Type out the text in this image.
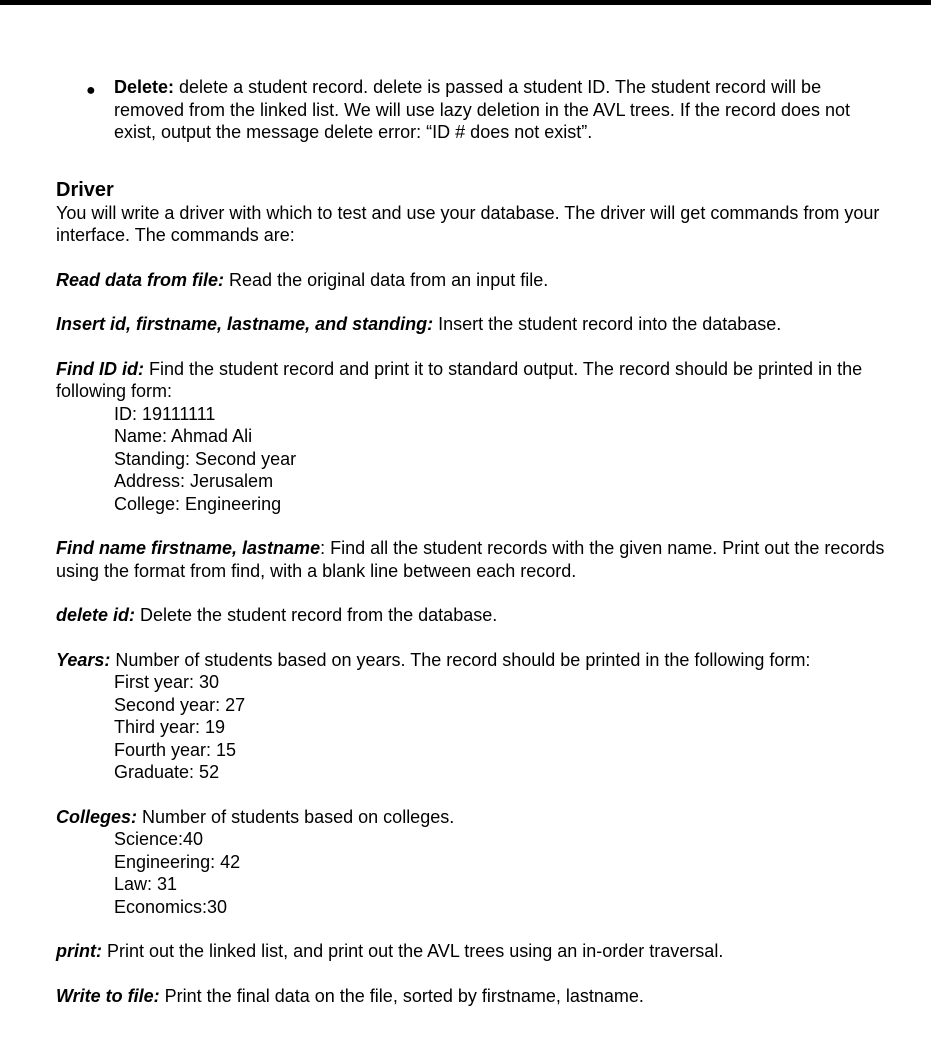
● Delete: delete a student record. delete is passed a student ID. The student record will be removed from the linked list. We will use lazy deletion in the AVL trees. If the record does not exist, output the message delete error: “ID # does not exist”.

Driver

You will write a driver with which to test and use your database. The driver will get commands from your interface. The commands are:

Read data from file: Read the original data from an input file.

Insert id, firstname, lastname, and standing: Insert the student record into the database.

Find ID id: Find the student record and print it to standard output. The record should be printed in the following form:

ID: 19111111
Name: Ahmad Ali
Standing: Second year
Address: Jerusalem
College: Engineering

Find name firstname, lastname: Find all the student records with the given name. Print out the records using the format from find, with a blank line between each record.

delete id: Delete the student record from the database.

Years: Number of students based on years. The record should be printed in the following form:

First year: 30
Second year: 27
Third year: 19
Fourth year: 15
Graduate: 52

Colleges: Number of students based on colleges.

Science:40
Engineering: 42
Law: 31
Economics:30

print: Print out the linked list, and print out the AVL trees using an in-order traversal.

Write to file: Print the final data on the file, sorted by firstname, lastname.
